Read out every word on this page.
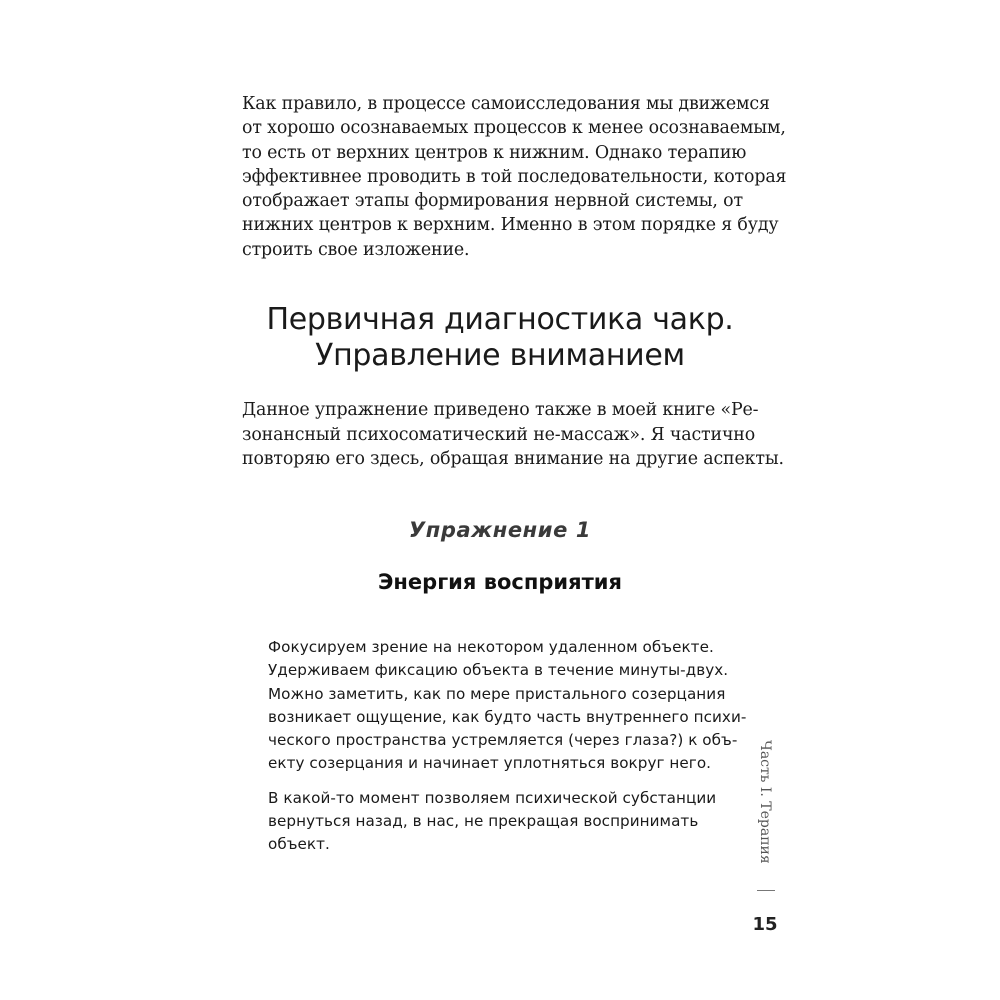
Как правило, в процессе самоисследования мы движемся
от хорошо осознаваемых процессов к менее осознаваемым,
то есть от верхних центров к нижним. Однако терапию
эффективнее проводить в той последовательности, которая
отображает этапы формирования нервной системы, от
нижних центров к верхним. Именно в этом порядке я буду
строить свое изложение.

Первичная диагностика чакр.
Управление вниманием

Данное упражнение приведено также в моей книге «Ре-
зонансный психосоматический не-массаж». Я частично
повторяю его здесь, обращая внимание на другие аспекты.

Упражнение 1
Энергия восприятия

Фокусируем зрение на некотором удаленном объекте.
Удерживаем фиксацию объекта в течение минуты-двух.
Можно заметить, как по мере пристального созерцания
возникает ощущение, как будто часть внутреннего психи-
ческого пространства устремляется (через глаза?) к объ-
екту созерцания и начинает уплотняться вокруг него.

В какой-то момент позволяем психической субстанции
вернуться назад, в нас, не прекращая воспринимать
объект.	Часть I. Терапия

15
